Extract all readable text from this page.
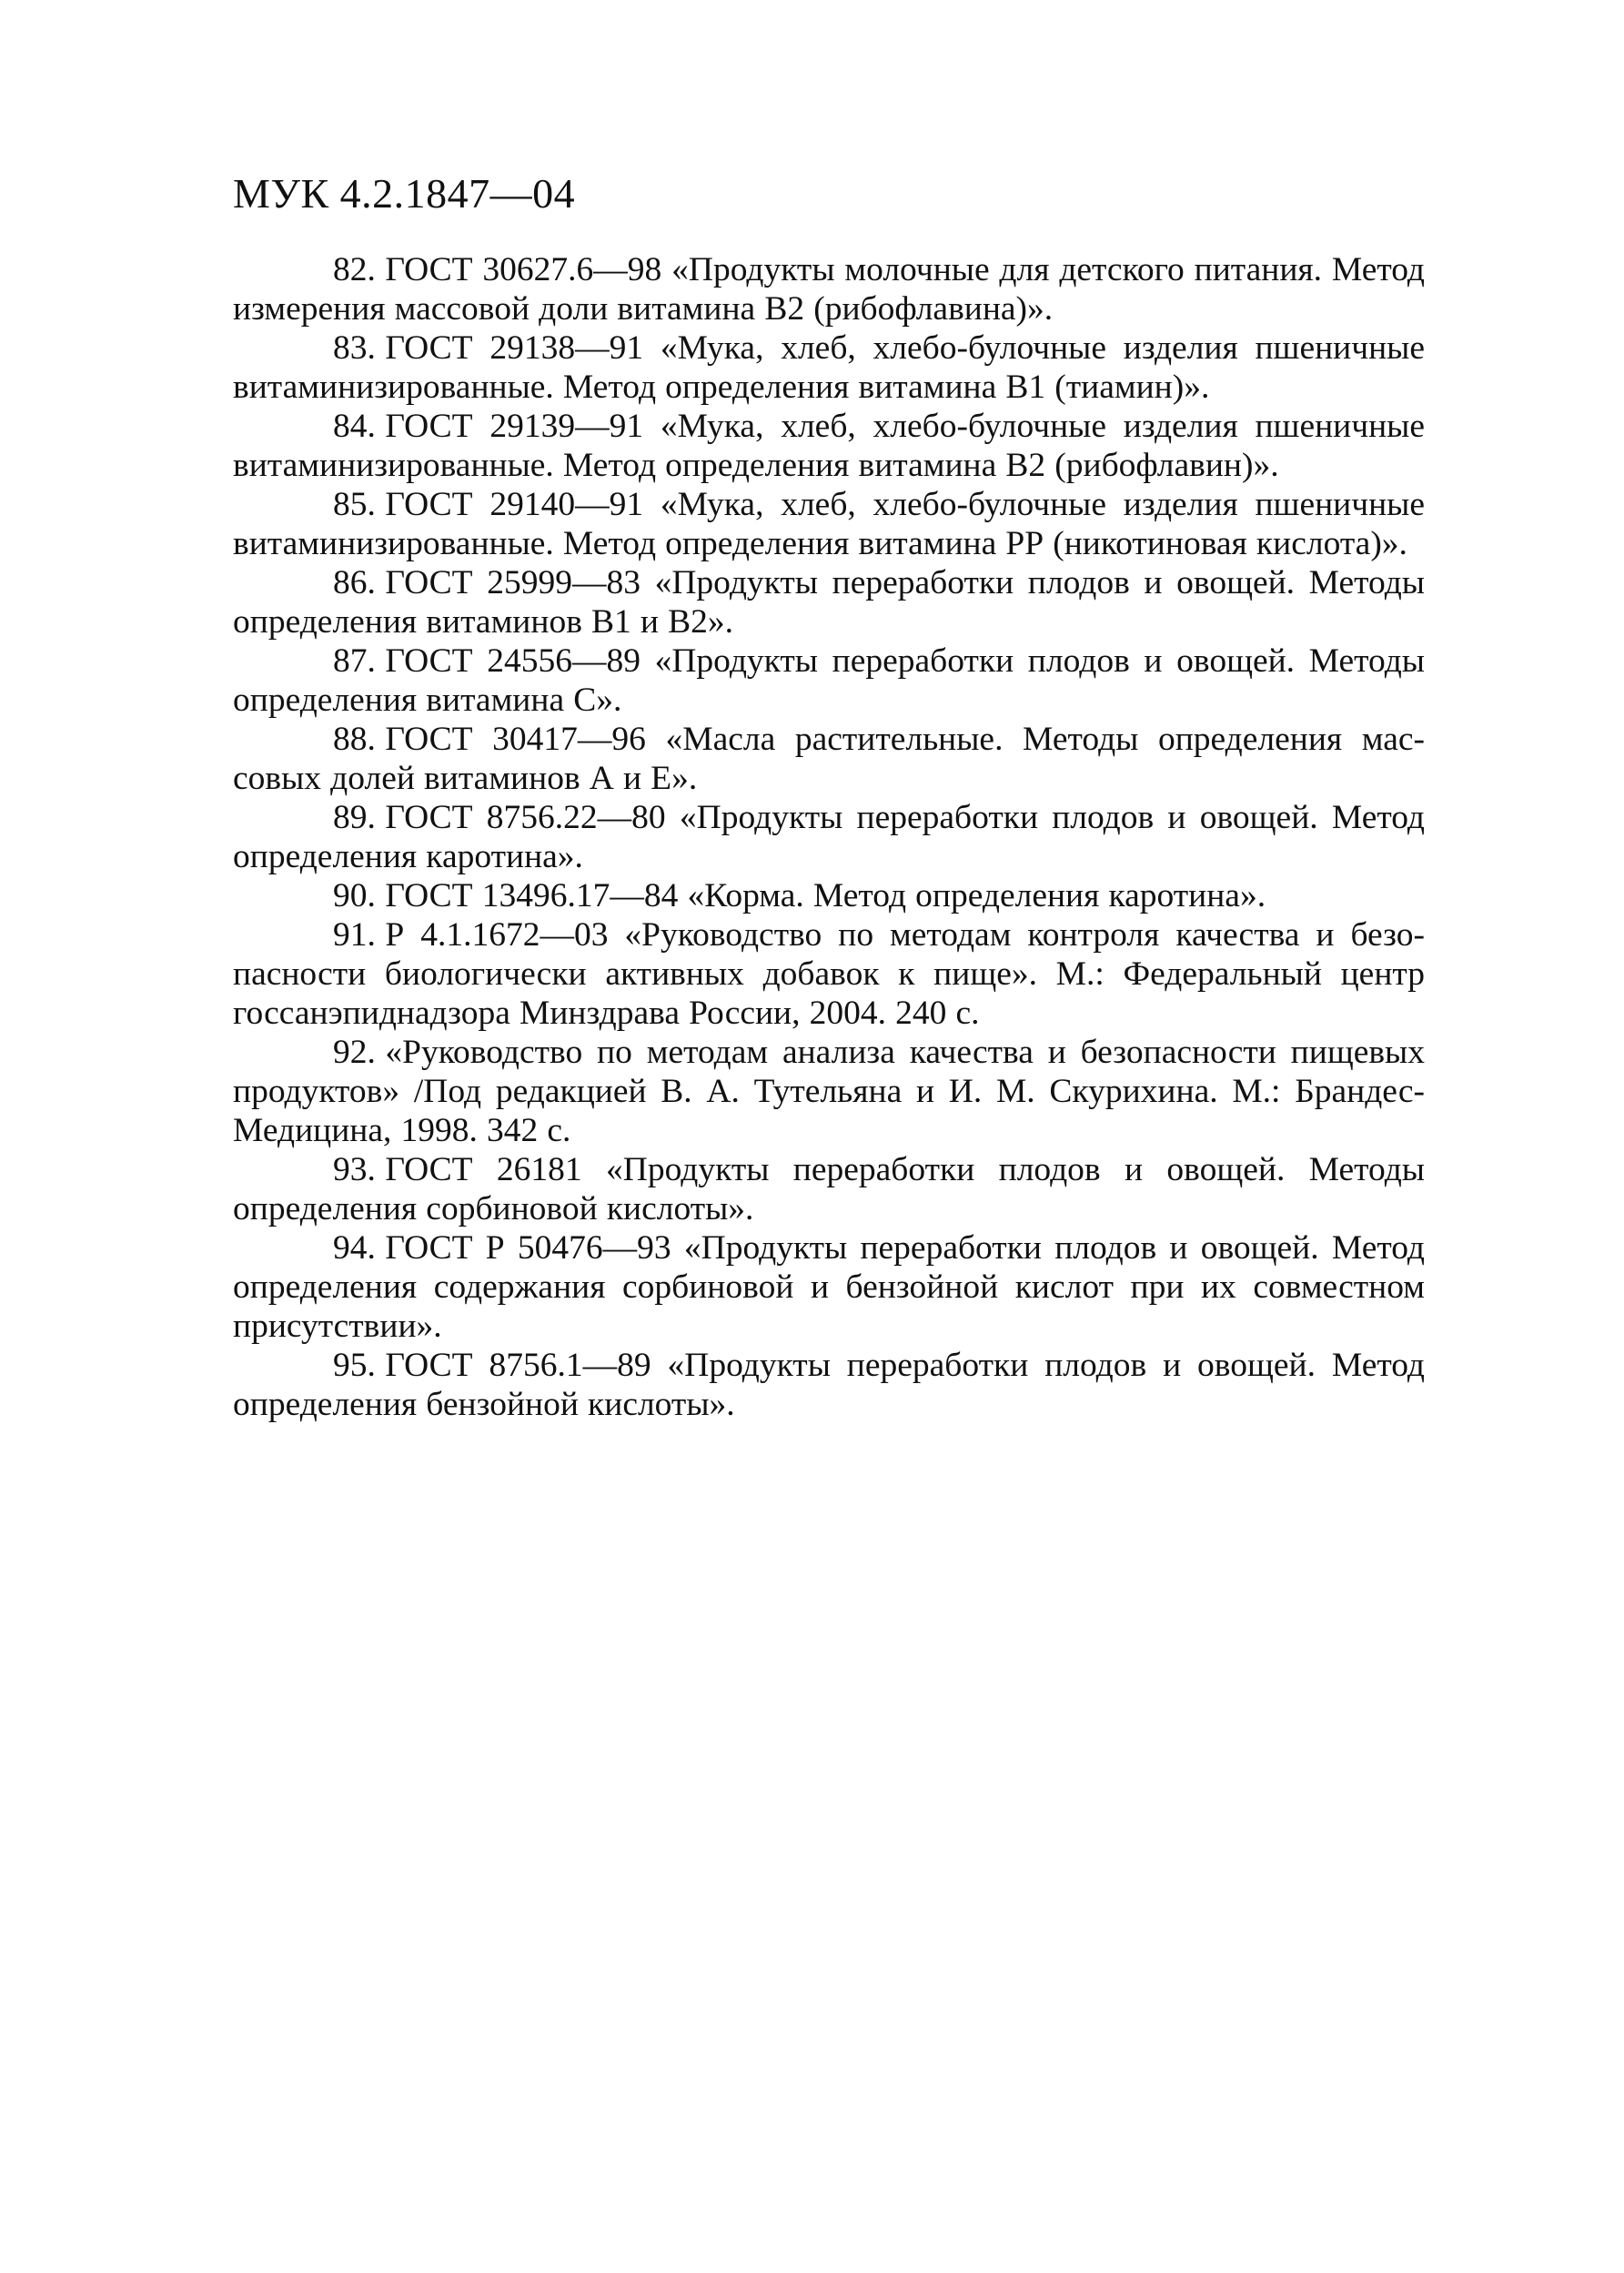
МУК 4.2.1847—04
82. ГОСТ 30627.6—98 «Продукты молочные для детского питания. Метод измерения массовой доли витамина В2 (рибофлавина)».
83. ГОСТ 29138—91 «Мука, хлеб, хлебо-булочные изделия пшеничные витаминизированные. Метод определения витамина В1 (тиамин)».
84. ГОСТ 29139—91 «Мука, хлеб, хлебо-булочные изделия пшеничные витаминизированные. Метод определения витамина В2 (рибофлавин)».
85. ГОСТ 29140—91 «Мука, хлеб, хлебо-булочные изделия пшеничные витаминизированные. Метод определения витамина РР (никотиновая кислота)».
86. ГОСТ 25999—83 «Продукты переработки плодов и овощей. Методы определения витаминов В1 и В2».
87. ГОСТ 24556—89 «Продукты переработки плодов и овощей. Методы определения витамина С».
88. ГОСТ 30417—96 «Масла растительные. Методы определения массовых долей витаминов А и Е».
89. ГОСТ 8756.22—80 «Продукты переработки плодов и овощей. Метод определения каротина».
90. ГОСТ 13496.17—84 «Корма. Метод определения каротина».
91. Р 4.1.1672—03 «Руководство по методам контроля качества и безопасности биологически активных добавок к пище». М.: Федеральный центр госсанэпиднадзора Минздрава России, 2004. 240 с.
92. «Руководство по методам анализа качества и безопасности пищевых продуктов» /Под редакцией В. А. Тутельяна и И. М. Скурихина. М.: Брандес-Медицина, 1998. 342 с.
93. ГОСТ 26181 «Продукты переработки плодов и овощей. Методы определения сорбиновой кислоты».
94. ГОСТ Р 50476—93 «Продукты переработки плодов и овощей. Метод определения содержания сорбиновой и бензойной кислот при их совместном присутствии».
95. ГОСТ 8756.1—89 «Продукты переработки плодов и овощей. Метод определения бензойной кислоты».
